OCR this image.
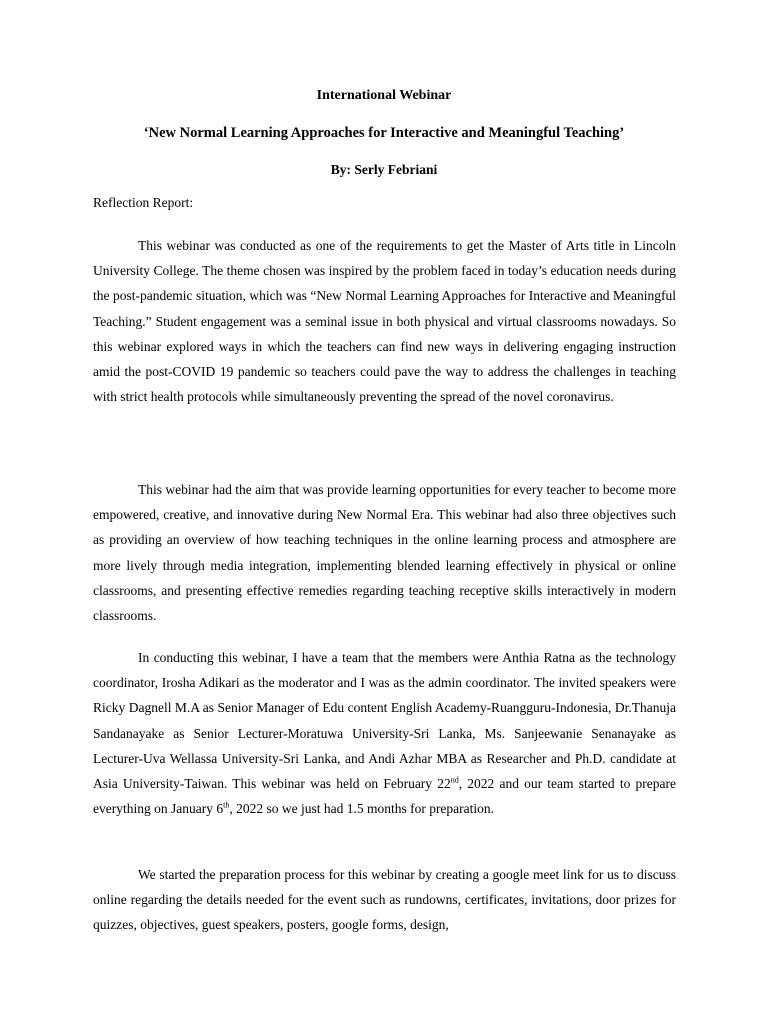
International Webinar
‘New Normal Learning Approaches for Interactive and Meaningful Teaching’
By: Serly Febriani

Reflection Report:

This webinar was conducted as one of the requirements to get the Master of Arts title in Lincoln University College. The theme chosen was inspired by the problem faced in today’s education needs during the post-pandemic situation, which was “New Normal Learning Approaches for Interactive and Meaningful Teaching.” Student engagement was a seminal issue in both physical and virtual classrooms nowadays. So this webinar explored ways in which the teachers can find new ways in delivering engaging instruction amid the post-COVID 19 pandemic so teachers could pave the way to address the challenges in teaching with strict health protocols while simultaneously preventing the spread of the novel coronavirus.

This webinar had the aim that was provide learning opportunities for every teacher to become more empowered, creative, and innovative during New Normal Era. This webinar had also three objectives such as providing an overview of how teaching techniques in the online learning process and atmosphere are more lively through media integration, implementing blended learning effectively in physical or online classrooms, and presenting effective remedies regarding teaching receptive skills interactively in modern classrooms.

In conducting this webinar, I have a team that the members were Anthia Ratna as the technology coordinator, Irosha Adikari as the moderator and I was as the admin coordinator. The invited speakers were Ricky Dagnell M.A as Senior Manager of Edu content English Academy-Ruangguru-Indonesia, Dr.Thanuja Sandanayake as Senior Lecturer-Moratuwa University-Sri Lanka, Ms. Sanjeewanie Senanayake as Lecturer-Uva Wellassa University-Sri Lanka, and Andi Azhar MBA as Researcher and Ph.D. candidate at Asia University-Taiwan. This webinar was held on February 22nd, 2022 and our team started to prepare everything on January 6th, 2022 so we just had 1.5 months for preparation.

We started the preparation process for this webinar by creating a google meet link for us to discuss online regarding the details needed for the event such as rundowns, certificates, invitations, door prizes for quizzes, objectives, guest speakers, posters, google forms, design,
